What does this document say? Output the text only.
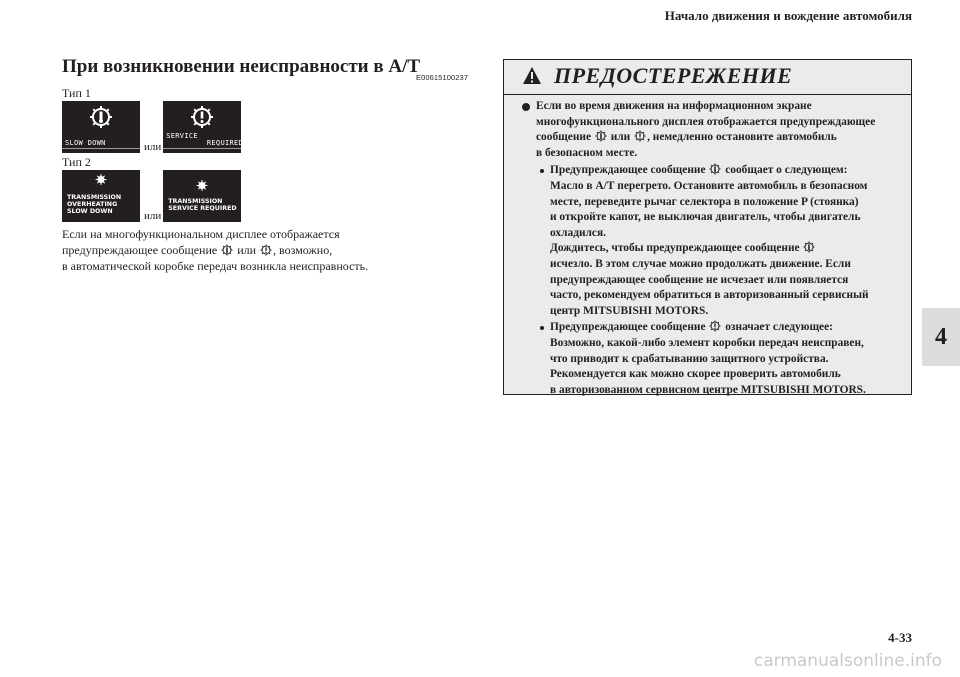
Начало движения и вождение автомобиля
При возникновении неисправности в А/Т
E00615100237
Тип 1
SLOW DOWN	или
SERVICE
REQUIRED
Тип 2
TRANSMISSION
OVERHEATING
SLOW DOWN	или
TRANSMISSION
SERVICE REQUIRED
Если на многофункциональном дисплее отображается
предупреждающее сообщение или , возможно,
в автоматической коробке передач возникла неисправность.
ПРЕДОСТЕРЕЖЕНИЕ
Если во время движения на информационном экране
многофункционального дисплея отображается предупреждающее
сообщение или , немедленно остановите автомобиль
в безопасном месте.
Предупреждающее сообщение сообщает о следующем:
Масло в А/Т перегрето. Остановите автомобиль в безопасном
месте, переведите рычаг селектора в положение P (стоянка)
и откройте капот, не выключая двигатель, чтобы двигатель
охладился.
Дождитесь, чтобы предупреждающее сообщение
исчезло. В этом случае можно продолжать движение. Если
предупреждающее сообщение не исчезает или появляется
часто, рекомендуем обратиться в авторизованный сервисный
центр MITSUBISHI MOTORS.
Предупреждающее сообщение означает следующее:
Возможно, какой-либо элемент коробки передач неисправен,
что приводит к срабатыванию защитного устройства.
Рекомендуется как можно скорее проверить автомобиль
в авторизованном сервисном центре MITSUBISHI MOTORS.
4
4-33
carmanualsonline.info
